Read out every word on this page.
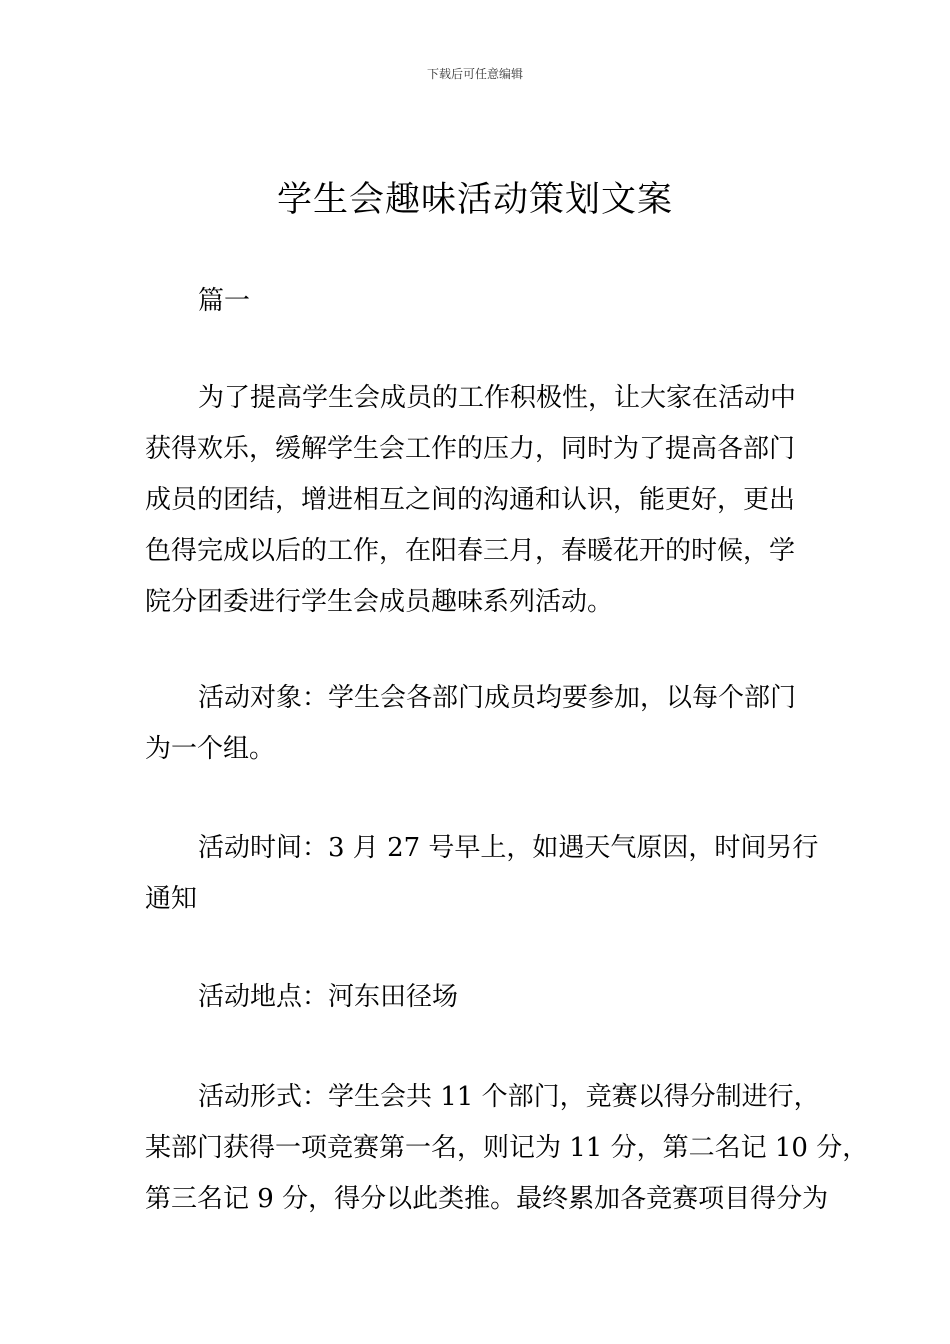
下载后可任意编辑
学生会趣味活动策划文案
篇一
为了提高学生会成员的工作积极性，让大家在活动中
获得欢乐，缓解学生会工作的压力，同时为了提高各部门
成员的团结，增进相互之间的沟通和认识，能更好，更出
色得完成以后的工作，在阳春三月，春暖花开的时候，学
院分团委进行学生会成员趣味系列活动。
活动对象：学生会各部门成员均要参加，以每个部门
为一个组。
活动时间：3 月 27 号早上，如遇天气原因，时间另行
通知
活动地点：河东田径场
活动形式：学生会共 11 个部门，竞赛以得分制进行，
某部门获得一项竞赛第一名，则记为 11 分，第二名记 10 分，
第三名记 9 分，得分以此类推。最终累加各竞赛项目得分为
